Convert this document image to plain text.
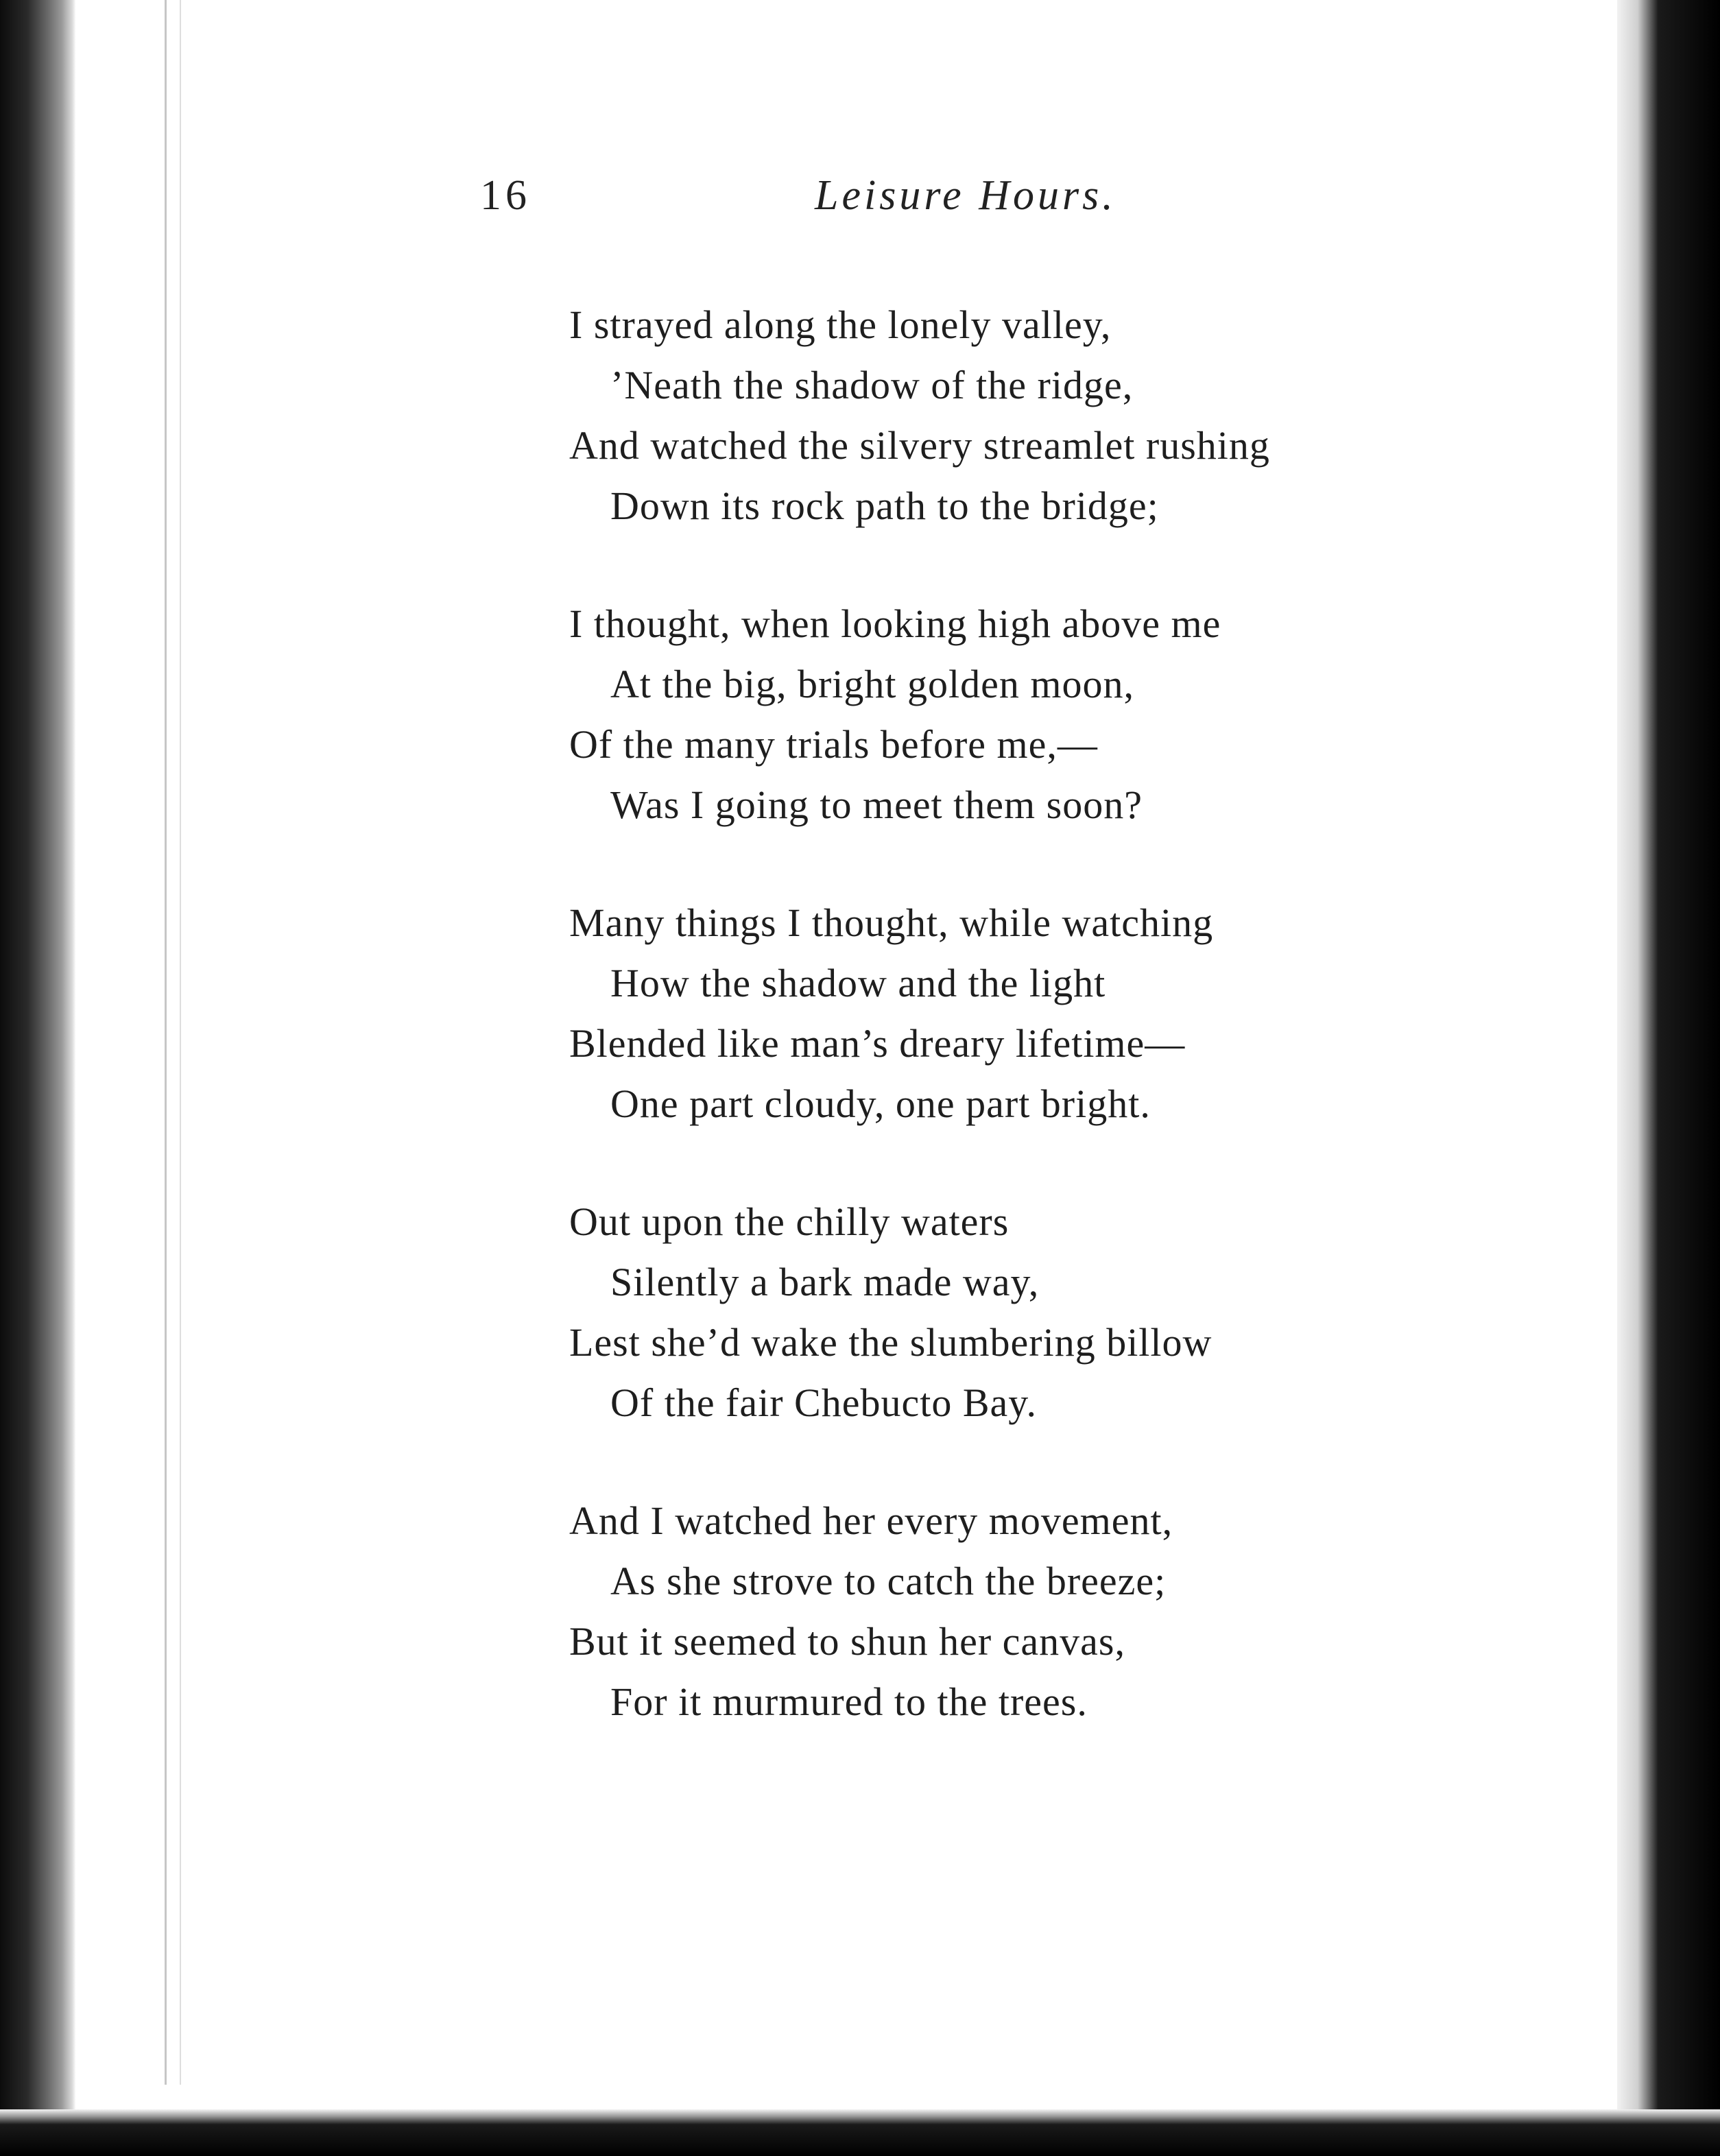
16	Leisure Hours.
I strayed along the lonely valley,
’Neath the shadow of the ridge,
And watched the silvery streamlet rushing
Down its rock path to the bridge;
I thought, when looking high above me
At the big, bright golden moon,
Of the many trials before me,—
Was I going to meet them soon?
Many things I thought, while watching
How the shadow and the light
Blended like man’s dreary lifetime—
One part cloudy, one part bright.
Out upon the chilly waters
Silently a bark made way,
Lest she’d wake the slumbering billow
Of the fair Chebucto Bay.
And I watched her every movement,
As she strove to catch the breeze;
But it seemed to shun her canvas,
For it murmured to the trees.
